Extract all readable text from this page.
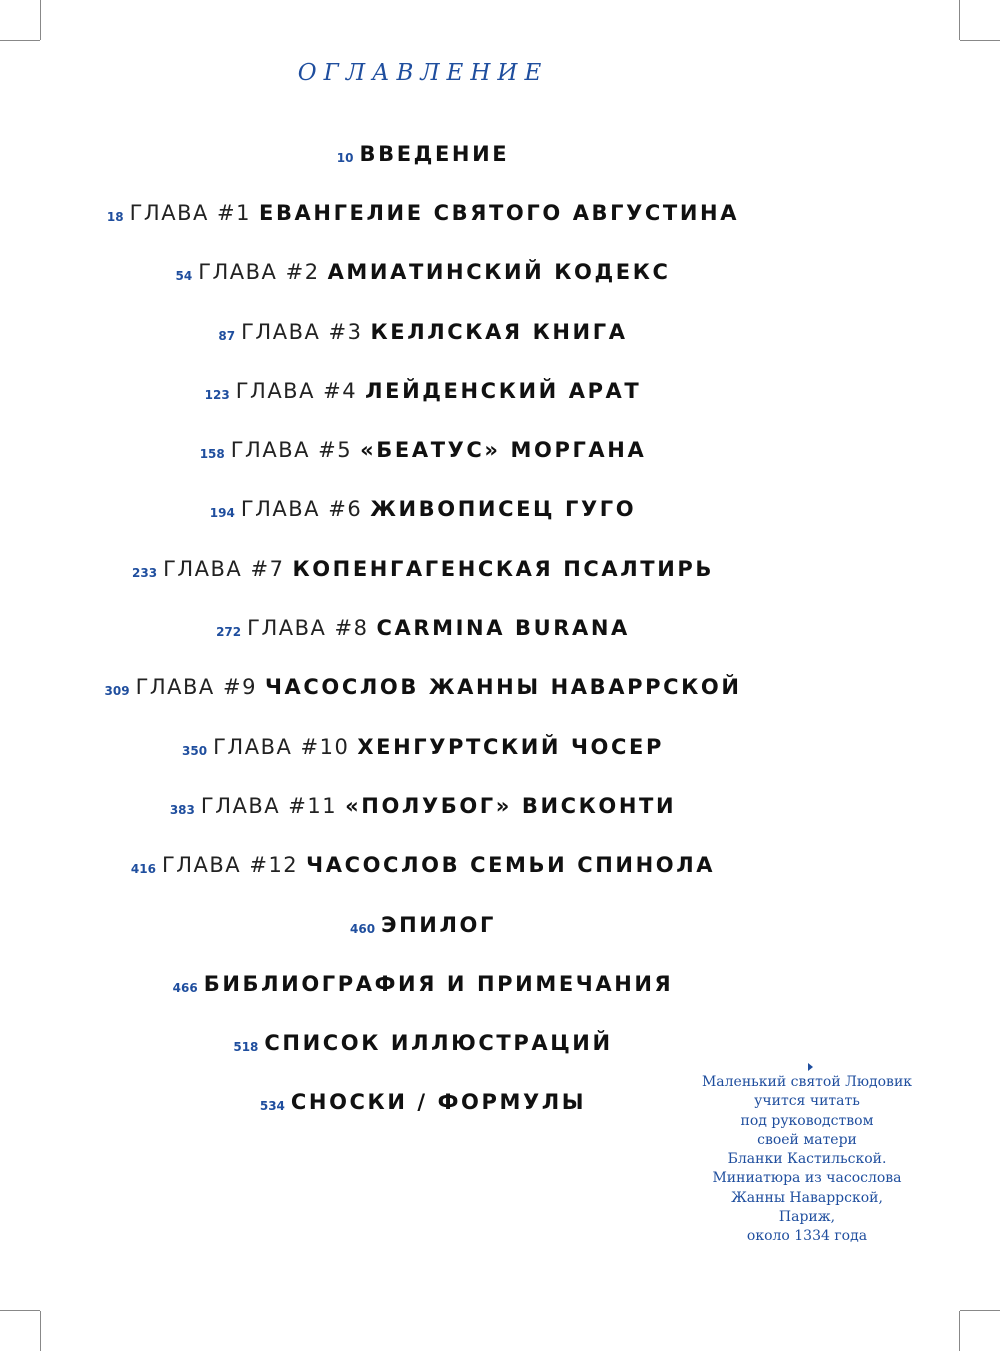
ОГЛАВЛЕНИЕ
10 ВВЕДЕНИЕ
18 ГЛАВА #1 ЕВАНГЕЛИЕ СВЯТОГО АВГУСТИНА
54 ГЛАВА #2 АМИАТИНСКИЙ КОДЕКС
87 ГЛАВА #3 КЕЛЛСКАЯ КНИГА
123 ГЛАВА #4 ЛЕЙДЕНСКИЙ АРАТ
158 ГЛАВА #5 «БЕАТУС» МОРГАНА
194 ГЛАВА #6 ЖИВОПИСЕЦ ГУГО
233 ГЛАВА #7 КОПЕНГАГЕНСКАЯ ПСАЛТИРЬ
272 ГЛАВА #8 CARMINA BURANA
309 ГЛАВА #9 ЧАСОСЛОВ ЖАННЫ НАВАРРСКОЙ
350 ГЛАВА #10 ХЕНГУРТСКИЙ ЧОСЕР
383 ГЛАВА #11 «ПОЛУБОГ» ВИСКОНТИ
416 ГЛАВА #12 ЧАСОСЛОВ СЕМЬИ СПИНОЛА
460 ЭПИЛОГ
466 БИБЛИОГРАФИЯ И ПРИМЕЧАНИЯ
518 СПИСОК ИЛЛЮСТРАЦИЙ
534 СНОСКИ / ФОРМУЛЫ
Маленький святой Людовик
учится читать
под руководством
своей матери
Бланки Кастильской.
Миниатюра из часослова
Жанны Наваррской,
Париж,
около 1334 года
